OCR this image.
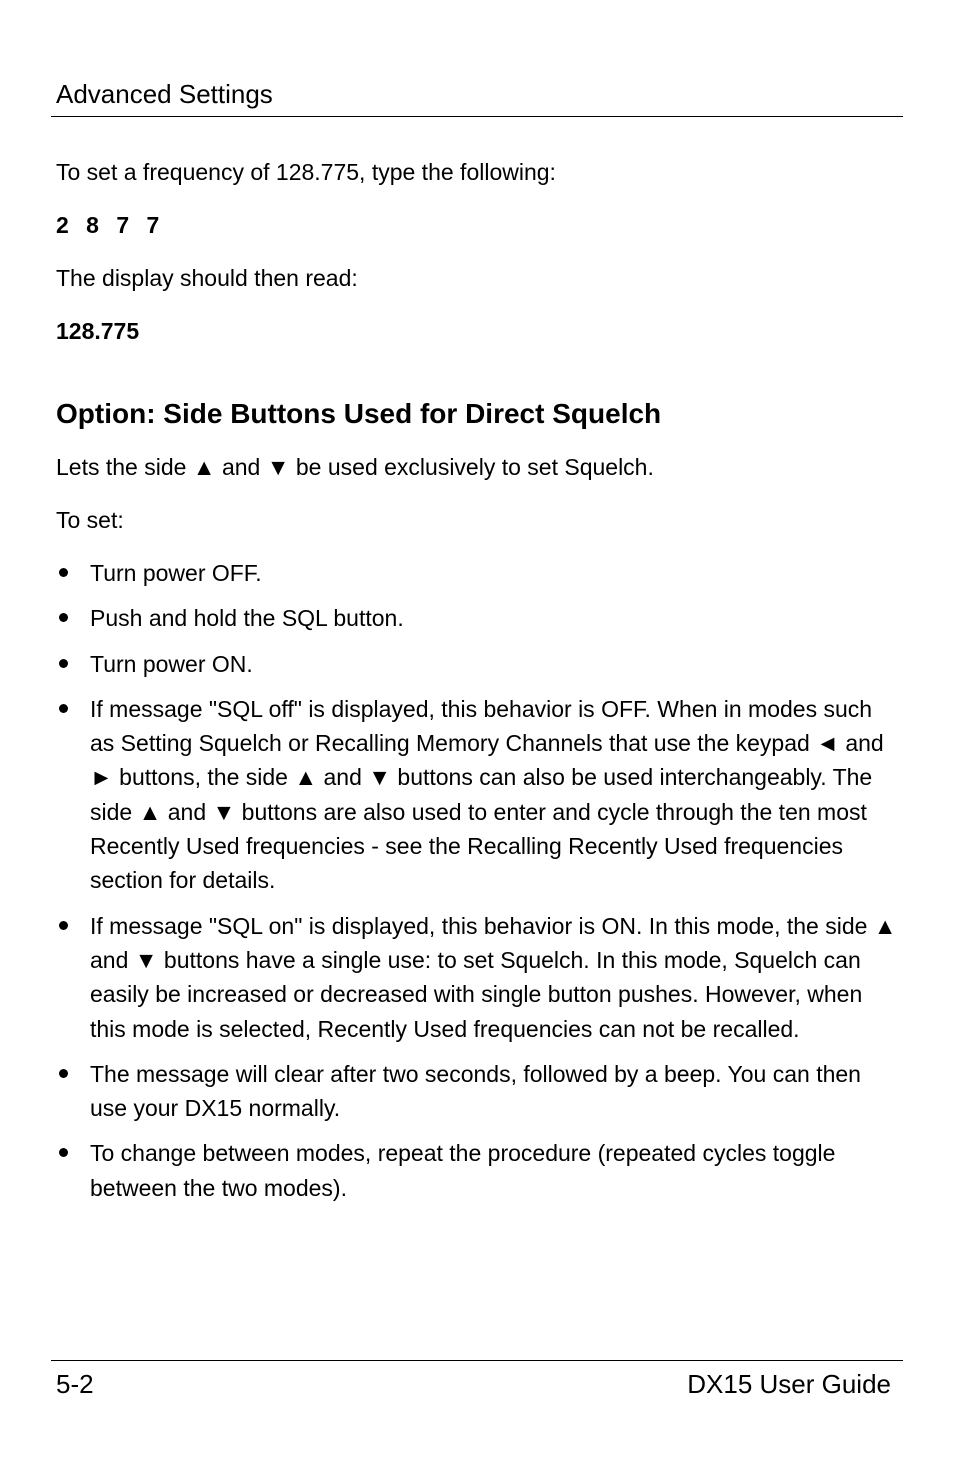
Advanced Settings

To set a frequency of 128.775, type the following:

2 8 7 7

The display should then read:

128.775

Option: Side Buttons Used for Direct Squelch

Lets the side ▲ and ▼ be used exclusively to set Squelch.

To set:

Turn power OFF.
Push and hold the SQL button.
Turn power ON.
If message "SQL off" is displayed, this behavior is OFF. When in modes such as Setting Squelch or Recalling Memory Channels that use the keypad ◄ and ► buttons, the side ▲ and ▼ buttons can also be used interchangeably. The side ▲ and ▼ buttons are also used to enter and cycle through the ten most Recently Used frequencies - see the Recalling Recently Used frequencies section for details.
If message "SQL on" is displayed, this behavior is ON. In this mode, the side ▲ and ▼ buttons have a single use: to set Squelch. In this mode, Squelch can easily be increased or decreased with single button pushes. However, when this mode is selected, Recently Used frequencies can not be recalled.
The message will clear after two seconds, followed by a beep. You can then use your DX15 normally.
To change between modes, repeat the procedure (repeated cycles toggle between the two modes).
5-2	DX15 User Guide
